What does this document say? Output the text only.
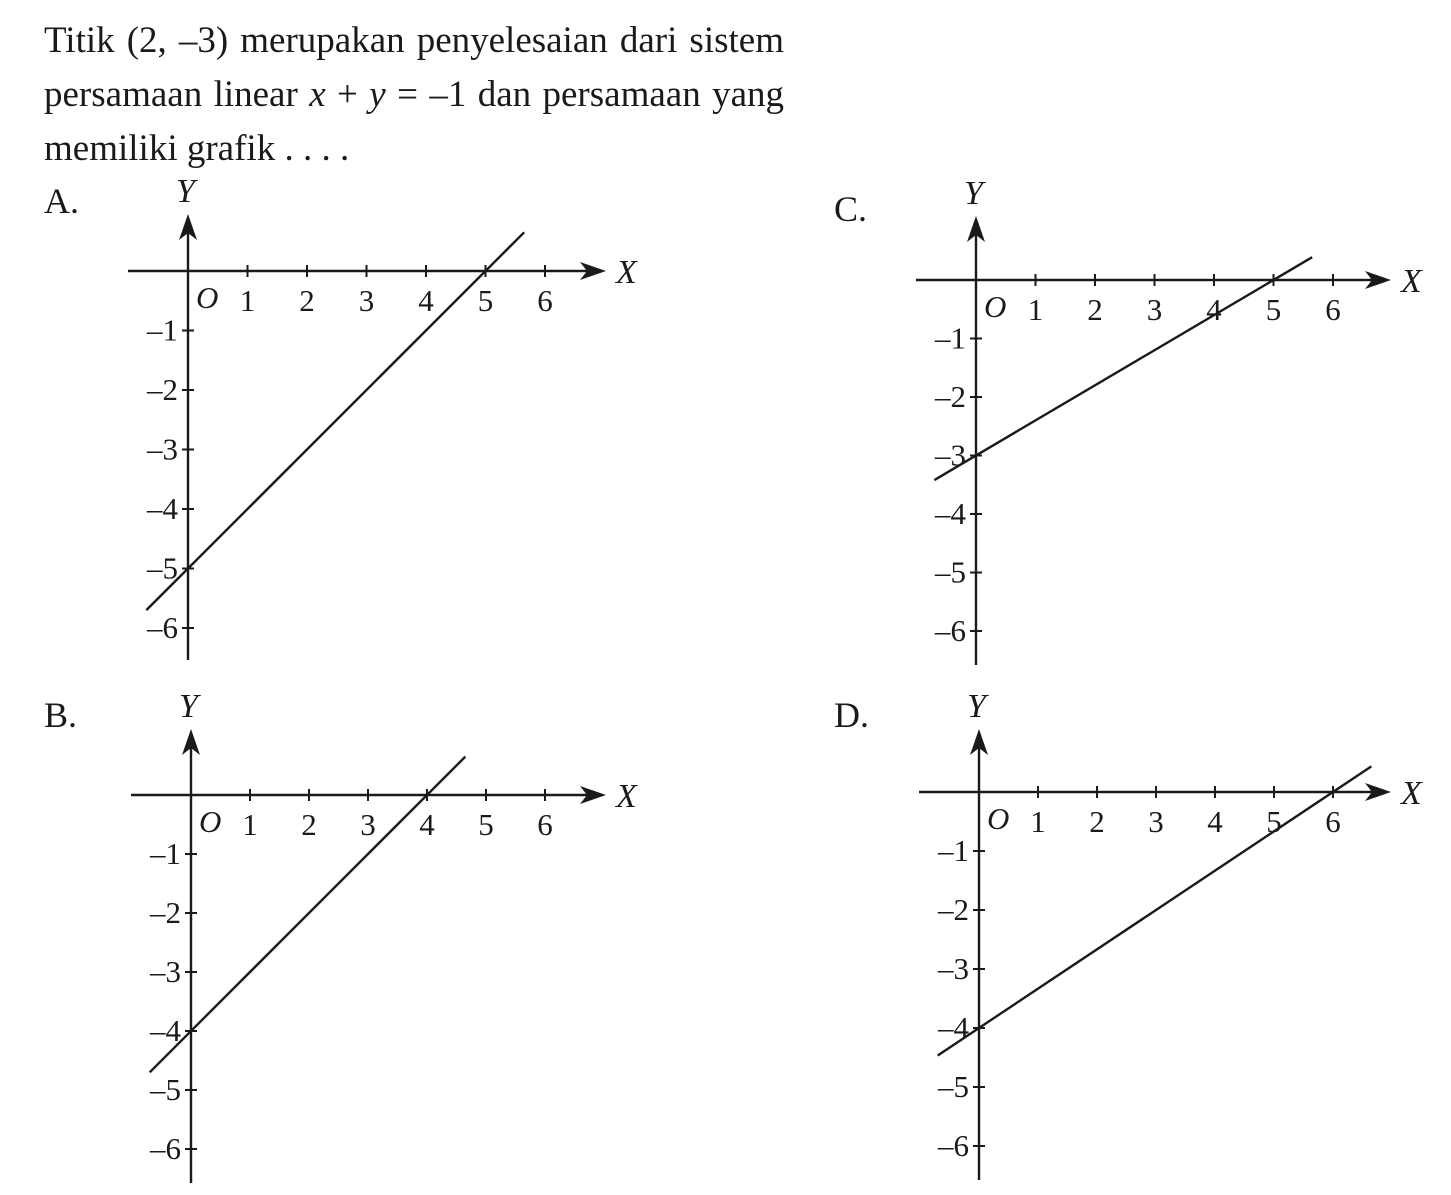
Titik (2, –3) merupakan penyelesaian dari sistem persamaan linear x + y = –1 dan persamaan yang memiliki grafik . . . .
A.
B.
C.
D.
X
Y
O 1 2 3 4 5 6
–1
–2
–3
–4
–5
–6
X
Y
O 1 2 3 4 5 6
–1
–2
–3
–4
–5
–6
X
Y
O 1 2 3 4 5 6
–1
–2
–3
–4
–5
–6
X
Y
O 1 2 3 4 5 6
–1
–2
–3
–4
–5
–6
